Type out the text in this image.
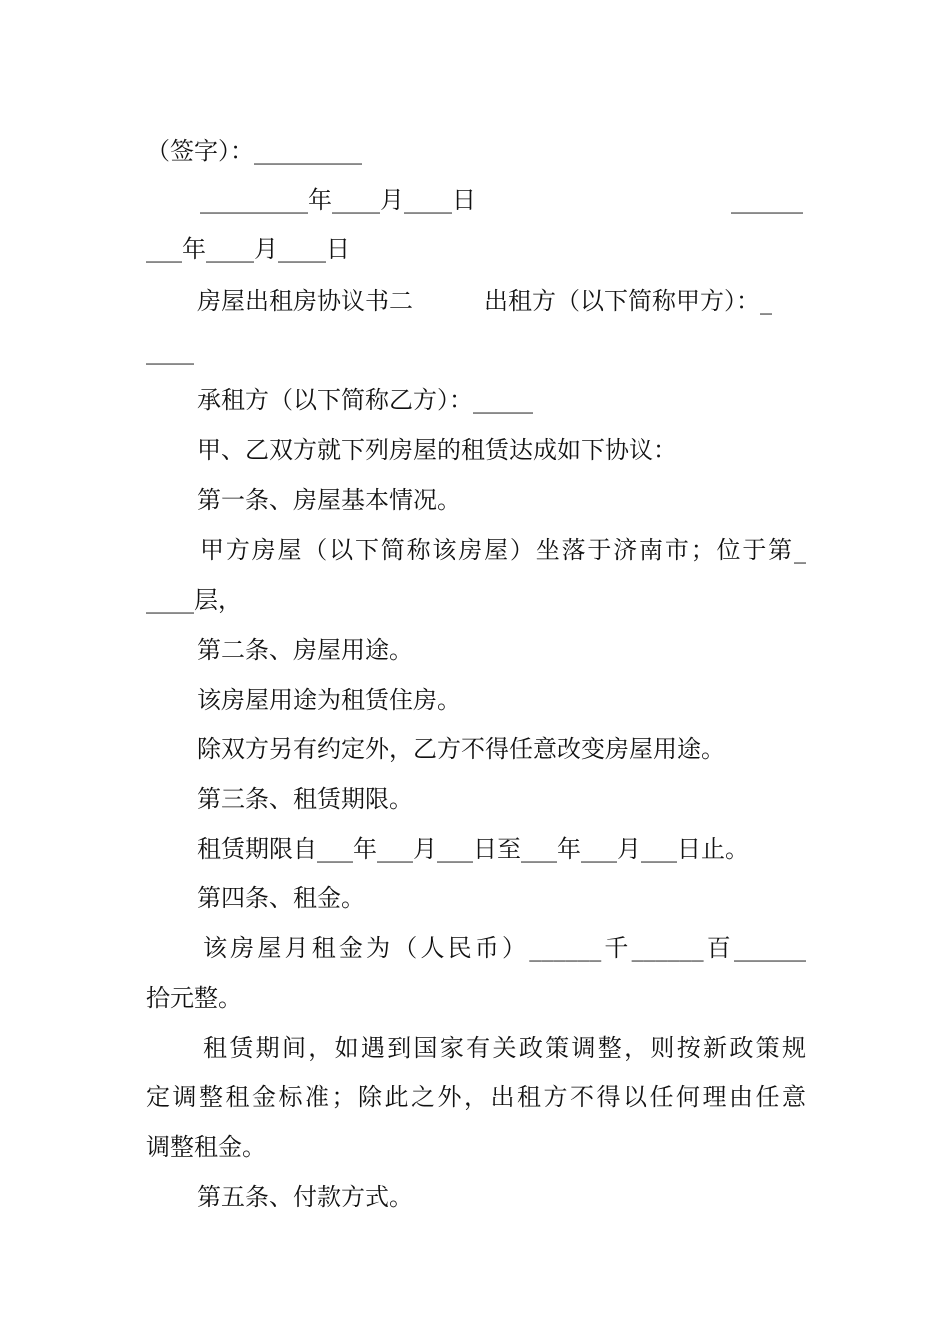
（签字）：_________
_________年____月____日	______
___年____月____日
房屋出租房协议书二	出租方（以下简称甲方）：_
____
承租方（以下简称乙方）：_____
甲、乙双方就下列房屋的租赁达成如下协议：
第一条、房屋基本情况。
甲方房屋（以下简称该房屋）坐落于济南市；位于第_
____层，
第二条、房屋用途。
该房屋用途为租赁住房。
除双方另有约定外，乙方不得任意改变房屋用途。
第三条、租赁期限。
租赁期限自___年___月___日至___年___月___日止。
第四条、租金。
该房屋月租金为（人民币）______千______百______
拾元整。
租赁期间，如遇到国家有关政策调整，则按新政策规
定调整租金标准；除此之外，出租方不得以任何理由任意
调整租金。
第五条、付款方式。
